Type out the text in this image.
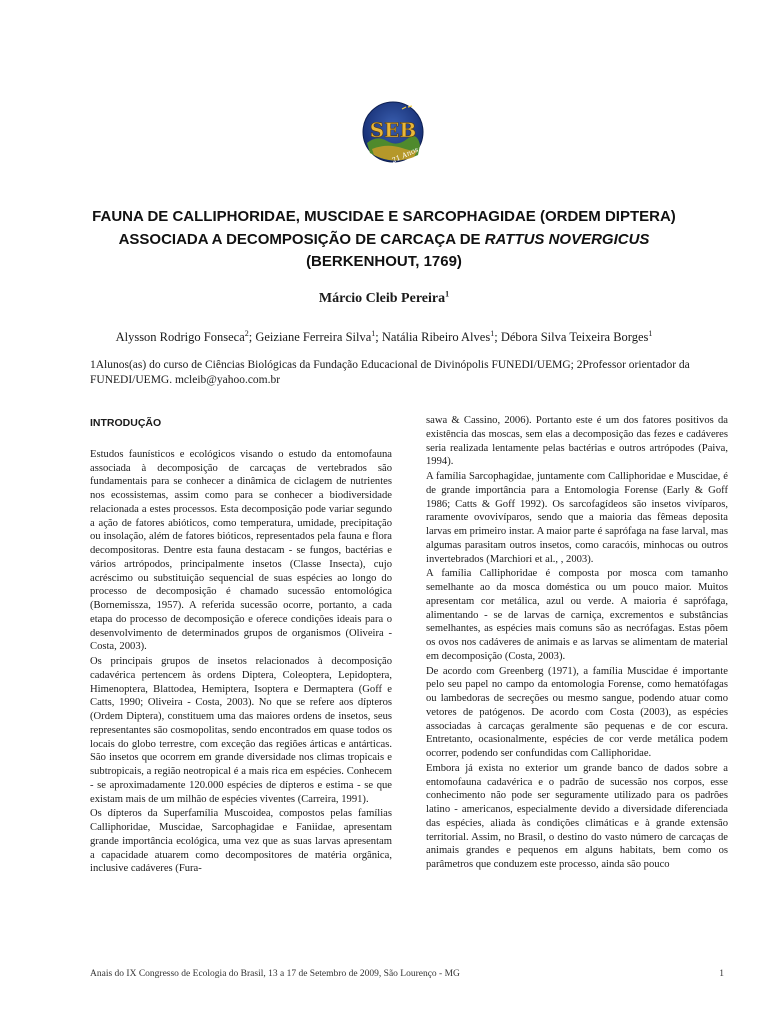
SEB
21 Anos
FAUNA DE CALLIPHORIDAE, MUSCIDAE E SARCOPHAGIDAE (ORDEM DIPTERA)
ASSOCIADA A DECOMPOSIÇÃO DE CARCAÇA DE RATTUS NOVERGICUS
(BERKENHOUT, 1769)
Márcio Cleib Pereira$^1$
Alysson Rodrigo Fonseca$^2$; Geiziane Ferreira Silva$^1$; Natália Ribeiro Alves$^1$; Débora Silva Teixeira Borges$^1$
1Alunos(as) do curso de Ciências Biológicas da Fundação Educacional de Divinópolis FUNEDI/UEMG; 2Professor orientador da FUNEDI/UEMG. mcleib@yahoo.com.br
INTRODUÇÃO

Estudos faunísticos e ecológicos visando o estudo da entomofauna associada à decomposição de carcaças de vertebrados são fundamentais para se conhecer a dinâmica de ciclagem de nutrientes nos ecossistemas, assim como para se conhecer a biodiversidade relacionada a estes processos. Esta decomposição pode variar segundo a ação de fatores abióticos, como temperatura, umidade, precipitação ou insolação, além de fatores bióticos, representados pela fauna e flora decompositoras. Dentre esta fauna destacam - se fungos, bactérias e vários artrópodos, principalmente insetos (Classe Insecta), cujo acréscimo ou substituição sequencial de suas espécies ao longo do processo de decomposição é chamado sucessão entomológica (Bornemissza, 1957). A referida sucessão ocorre, portanto, a cada etapa do processo de decomposição e oferece condições ideais para o desenvolvimento de determinados grupos de organismos (Oliveira - Costa, 2003).

Os principais grupos de insetos relacionados à decomposição cadavérica pertencem às ordens Diptera, Coleoptera, Lepidoptera, Himenoptera, Blattodea, Hemiptera, Isoptera e Dermaptera (Goff e Catts, 1990; Oliveira - Costa, 2003). No que se refere aos dípteros (Ordem Diptera), constituem uma das maiores ordens de insetos, seus representantes são cosmopolitas, sendo encontrados em quase todos os locais do globo terrestre, com exceção das regiões árticas e antárticas. São insetos que ocorrem em grande diversidade nos climas tropicais e subtropicais, a região neotropical é a mais rica em espécies. Conhecem - se aproximadamente 120.000 espécies de dípteros e estima - se que existam mais de um milhão de espécies viventes (Carreira, 1991).

Os dípteros da Superfamília Muscoidea, compostos pelas famílias Calliphoridae, Muscidae, Sarcophagidae e Faniidae, apresentam grande importância ecológica, uma vez que as suas larvas apresentam a capacidade atuarem como decompositores de matéria orgânica, inclusive cadáveres (Fura-

sawa & Cassino, 2006). Portanto este é um dos fatores positivos da existência das moscas, sem elas a decomposição das fezes e cadáveres seria realizada lentamente pelas bactérias e outros artrópodes (Paiva, 1994).

A família Sarcophagidae, juntamente com Calliphoridae e Muscidae, é de grande importância para a Entomologia Forense (Early & Goff 1986; Catts & Goff 1992). Os sarcofagídeos são insetos vivíparos, raramente ovovivíparos, sendo que a maioria das fêmeas deposita larvas em primeiro instar. A maior parte é saprófaga na fase larval, mas algumas parasitam outros insetos, como caracóis, minhocas ou outros invertebrados (Marchiori et al., , 2003).

A família Calliphoridae é composta por mosca com tamanho semelhante ao da mosca doméstica ou um pouco maior. Muitos apresentam cor metálica, azul ou verde. A maioria é saprófaga, alimentando - se de larvas de carniça, excrementos e substâncias semelhantes, as espécies mais comuns são as necrófagas. Estas põem os ovos nos cadáveres de animais e as larvas se alimentam de material em decomposição (Costa, 2003).

De acordo com Greenberg (1971), a família Muscidae é importante pelo seu papel no campo da entomologia Forense, como hematófagas ou lambedoras de secreções ou mesmo sangue, podendo atuar como vetores de patógenos. De acordo com Costa (2003), as espécies associadas à carcaças geralmente são pequenas e de cor escura. Entretanto, ocasionalmente, espécies de cor verde metálica podem ocorrer, podendo ser confundidas com Calliphoridae.

Embora já exista no exterior um grande banco de dados sobre a entomofauna cadavérica e o padrão de sucessão nos corpos, esse conhecimento não pode ser seguramente utilizado para os padrões latino - americanos, especialmente devido a diversidade diferenciada das espécies, aliada às condições climáticas e à grande extensão territorial. Assim, no Brasil, o destino do vasto número de carcaças de animais grandes e pequenos em alguns habitats, bem como os parâmetros que conduzem este processo, ainda são pouco

Anais do IX Congresso de Ecologia do Brasil, 13 a 17 de Setembro de 2009, São Lourenço - MG	1
